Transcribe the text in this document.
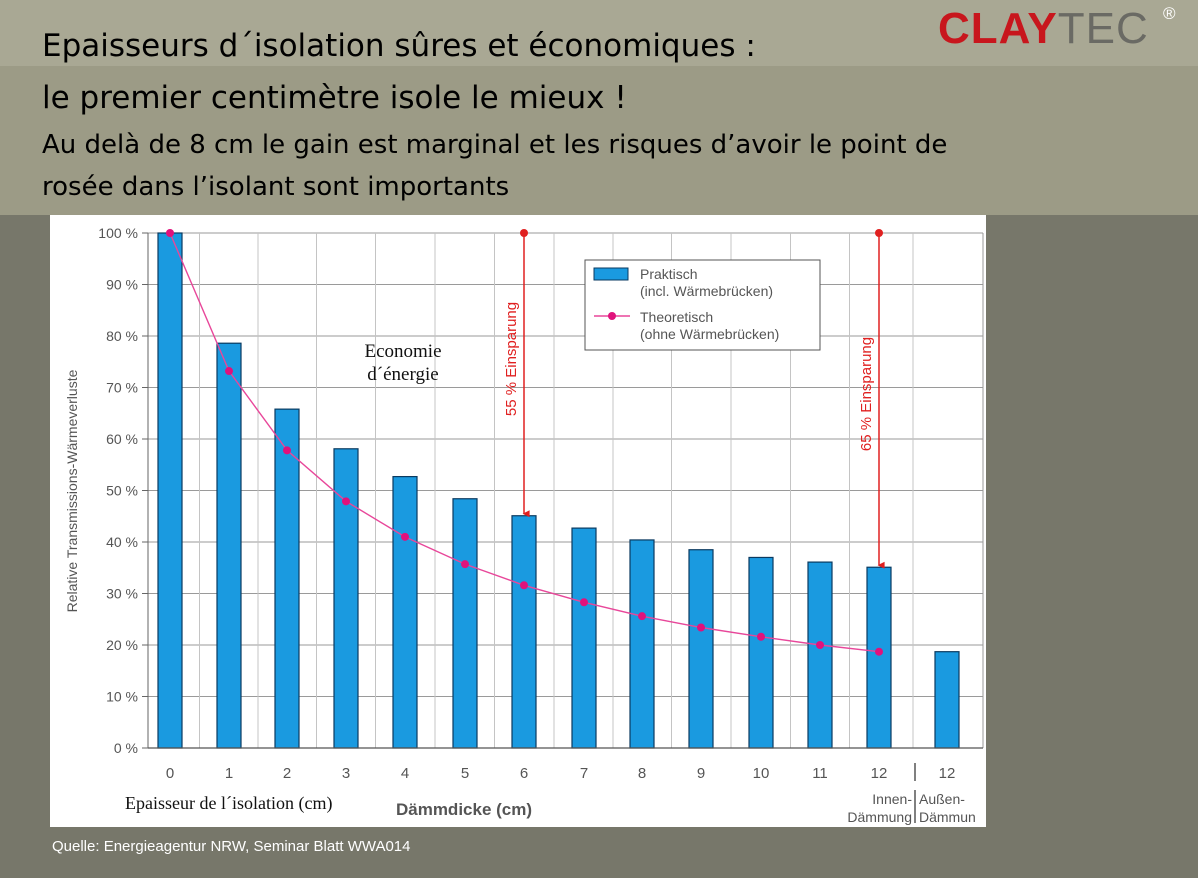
Epaisseurs d´isolation sûres et économiques :
le premier centimètre isole le mieux !
Au delà de 8 cm le gain est marginal et les risques d’avoir le point de
rosée dans l’isolant sont importants
CLAYTEC ®
Economie
d´énergie	55 % Einsparung	65 % Einsparung
0 %
10 %
20 %
30 %
40 %
50 %
60 %
70 %
80 %
90 %
100 %
0	1	2	3	4	5	6	7	8	9	10	11	12	12
Innen-
Dämmung
Außen-
Dämmun
Dämmdicke (cm)
Epaisseur de l´isolation (cm)
Relative Transmissions-Wärmeverluste
Praktisch
(incl. Wärmebrücken)
Theoretisch
(ohne Wärmebrücken)
Quelle: Energieagentur NRW, Seminar Blatt WWA014
